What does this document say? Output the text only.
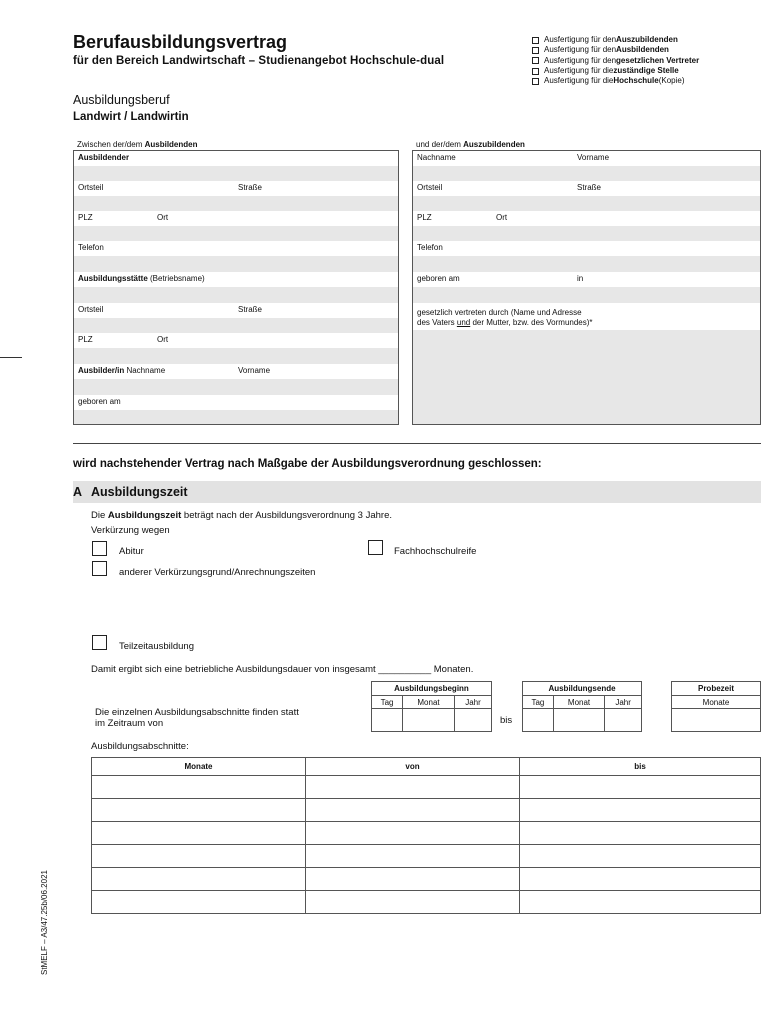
Berufausbildungsvertrag
für den Bereich Landwirtschaft – Studienangebot Hochschule-dual
Ausfertigung für den Auszubildenden
Ausfertigung für den Ausbildenden
Ausfertigung für den gesetzlichen Vertreter
Ausfertigung für die zuständige Stelle
Ausfertigung für die Hochschule (Kopie)
Ausbildungsberuf
Landwirt / Landwirtin
Zwischen der/dem Ausbildenden
Ausbildender
Ortsteil	Straße
PLZ	Ort
Telefon
Ausbildungsstätte (Betriebsname)
Ortsteil	Straße
PLZ	Ort
Ausbilder/in Nachname	Vorname
geboren am
und der/dem Auszubildenden
Nachname	Vorname
Ortsteil	Straße
PLZ	Ort
Telefon
geboren am	in
gesetzlich vertreten durch (Name und Adresse
des Vaters und der Mutter, bzw. des Vormundes)*
wird nachstehender Vertrag nach Maßgabe der Ausbildungsverordnung geschlossen:
A Ausbildungszeit
Die Ausbildungszeit beträgt nach der Ausbildungsverordnung 3 Jahre.
Verkürzung wegen
Abitur	Fachhochschulreife
anderer Verkürzungsgrund/Anrechnungszeiten
Teilzeitausbildung
Damit ergibt sich eine betriebliche Ausbildungsdauer von insgesamt __________ Monaten.
Die einzelnen Ausbildungsabschnitte finden statt
im Zeitraum von
Ausbildungsbeginn		
Tag	Monat	Jahr

bis
Ausbildungsende		
Tag	Monat	Jahr

Probezeit
Monate

Ausbildungsabschnitte:
Monate	von	bis

StMELF – A3/47.25b/06.2021
